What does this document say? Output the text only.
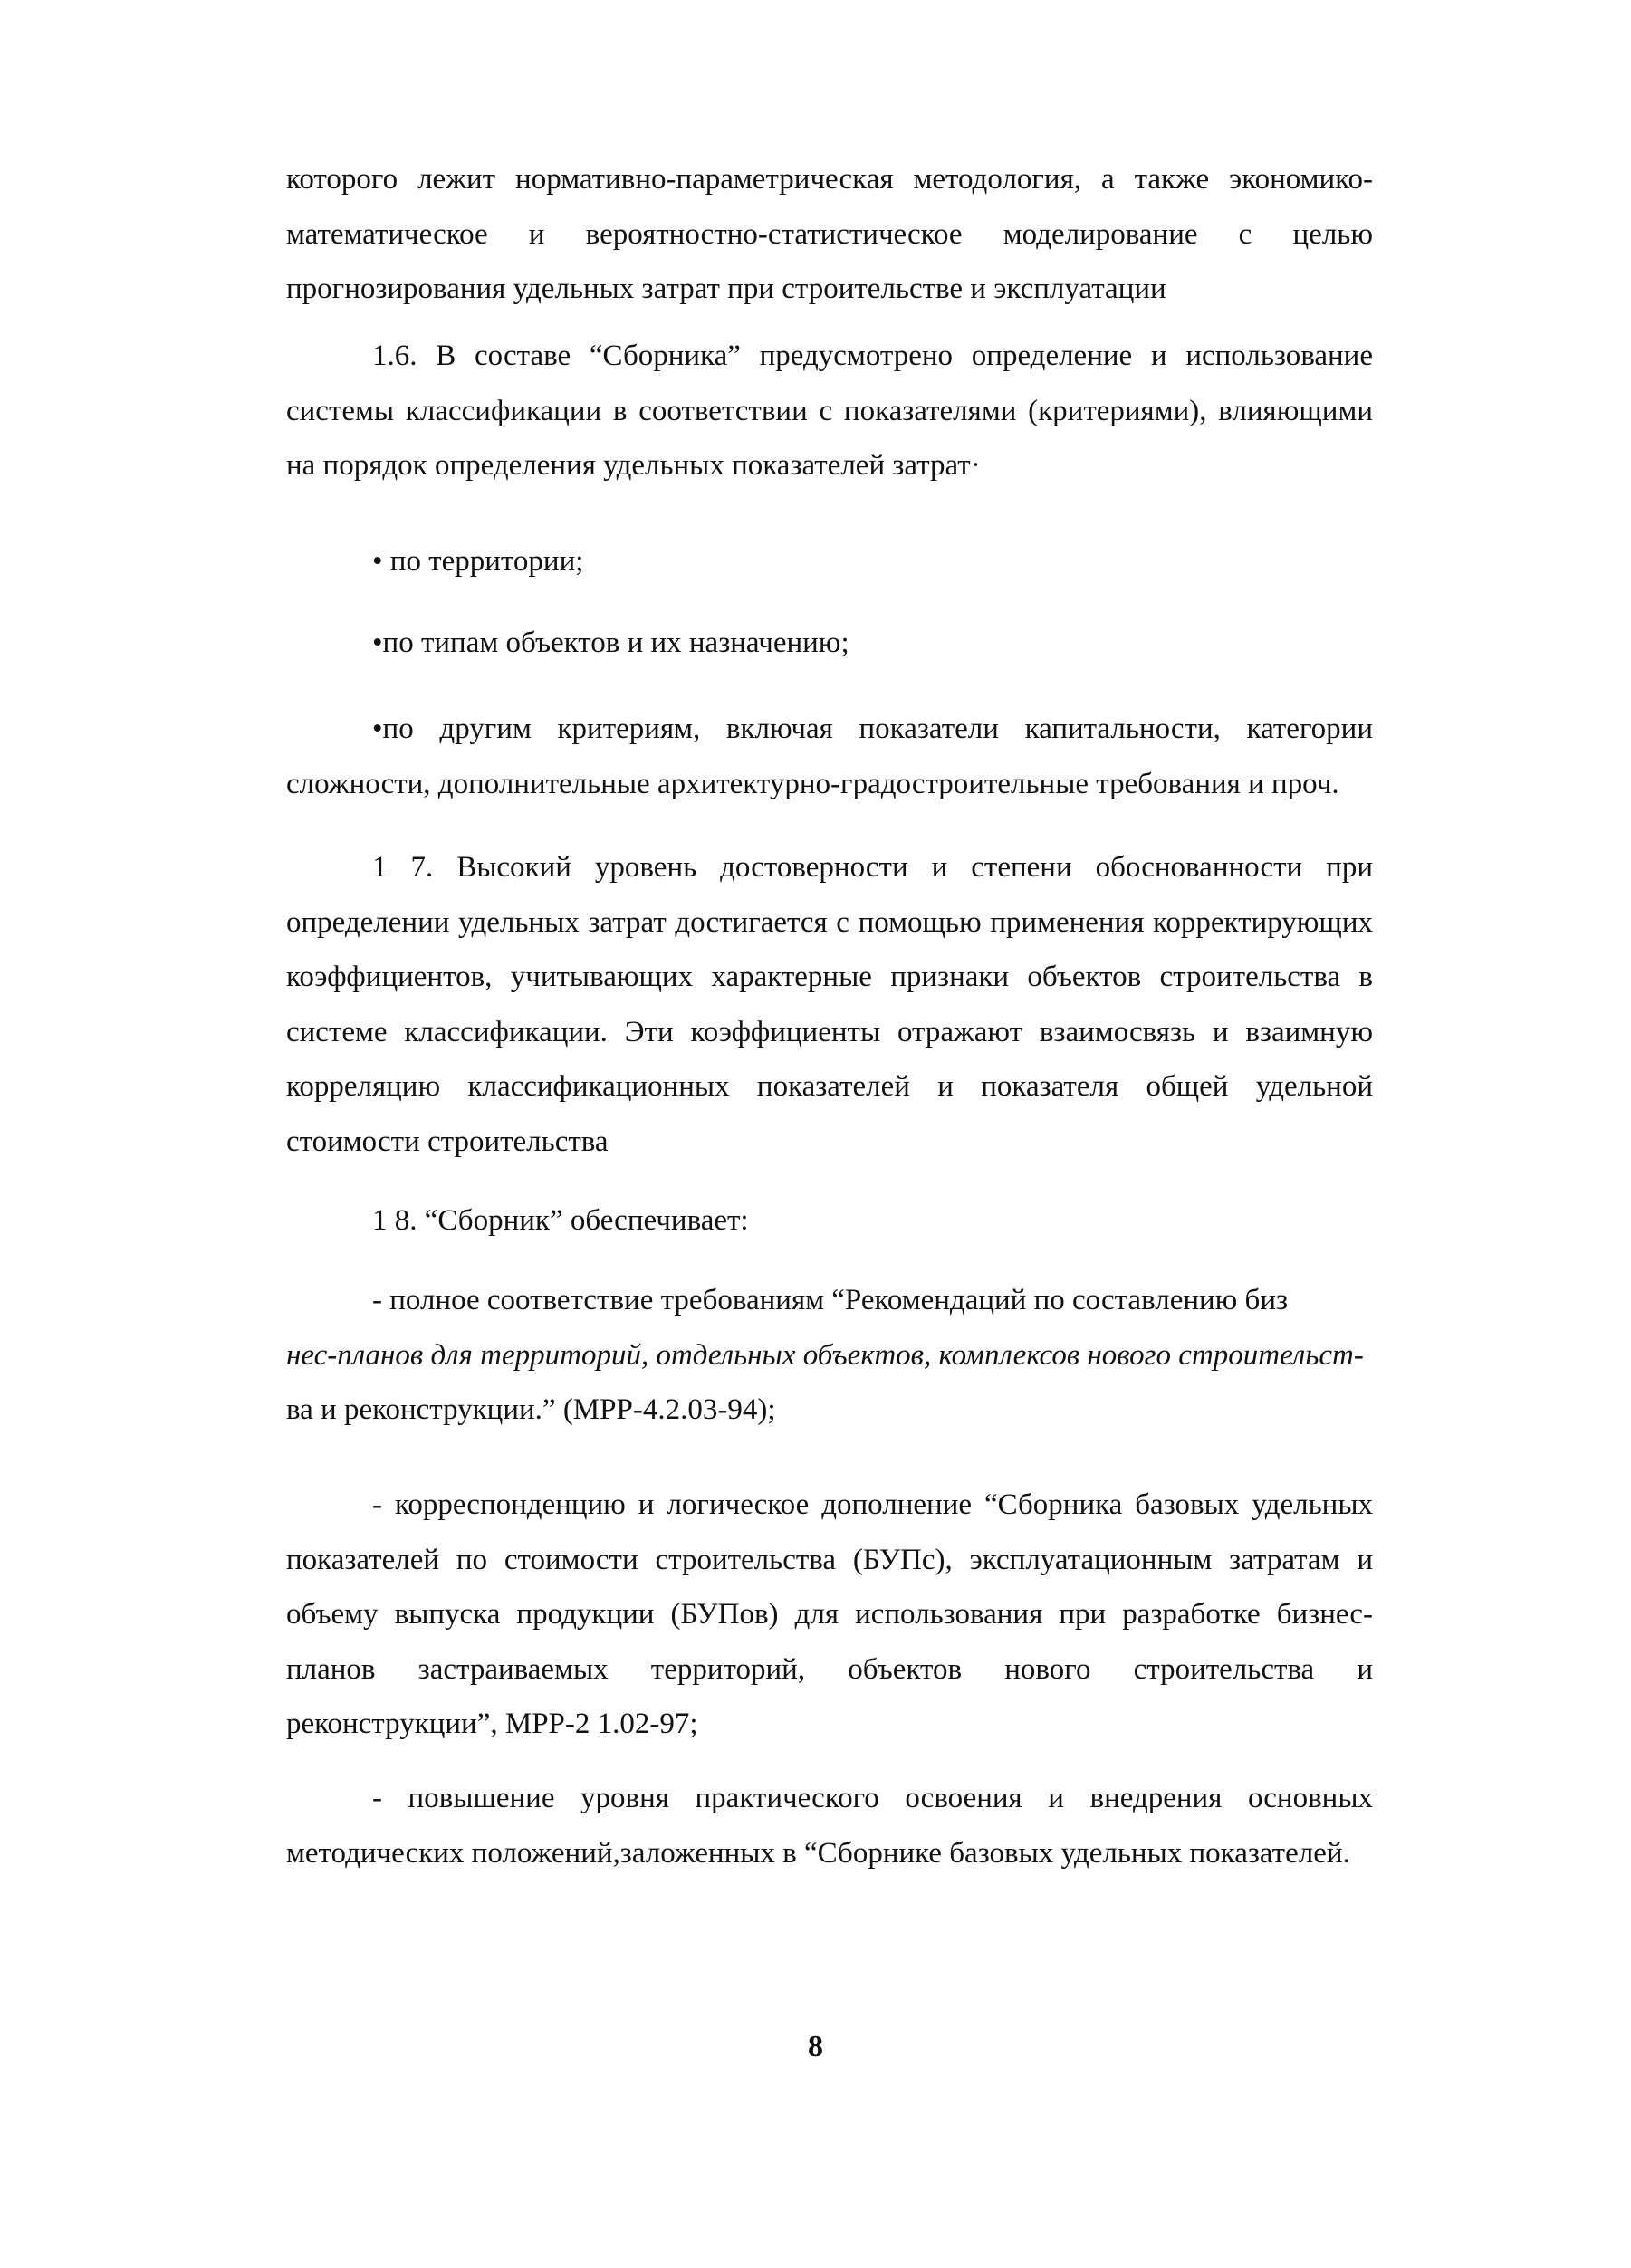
которого лежит нормативно-параметрическая методология, а также экономико-математическое и вероятностно-статистическое моделирование с целью прогнозирования удельных затрат при строительстве и эксплуатации

1.6. В составе “Сборника” предусмотрено определение и использование системы классификации в соответствии с показателями (критериями), влияющими на порядок определения удельных показателей затрат·

• по территории;

•по типам объектов и их назначению;

•по другим критериям, включая показатели капитальности, категории сложности, дополнительные архитектурно-градостроительные требования и проч.

1 7. Высокий уровень достоверности и степени обоснованности при определении удельных затрат достигается с помощью применения корректирующих коэффициентов, учитывающих характерные признаки объектов строительства в системе классификации. Эти коэффициенты отражают взаимосвязь и взаимную корреляцию классификационных показателей и показателя общей удельной стоимости строительства

1 8. “Сборник” обеспечивает:

- полное соответствие требованиям “Рекомендаций по составлению биз

нес-планов для территорий, отдельных объектов, комплексов нового строительст-

ва и реконструкции.” (МРР-4.2.03-94);

- корреспонденцию и логическое дополнение “Сборника базовых удельных показателей по стоимости строительства (БУПс), эксплуатационным затратам и объему выпуска продукции (БУПов) для использования при разработке бизнес-планов застраиваемых территорий, объектов нового строительства и реконструкции”, МРР-2 1.02-97;

- повышение уровня практического освоения и внедрения основных методических положений,заложенных в “Сборнике базовых удельных показателей.

8
